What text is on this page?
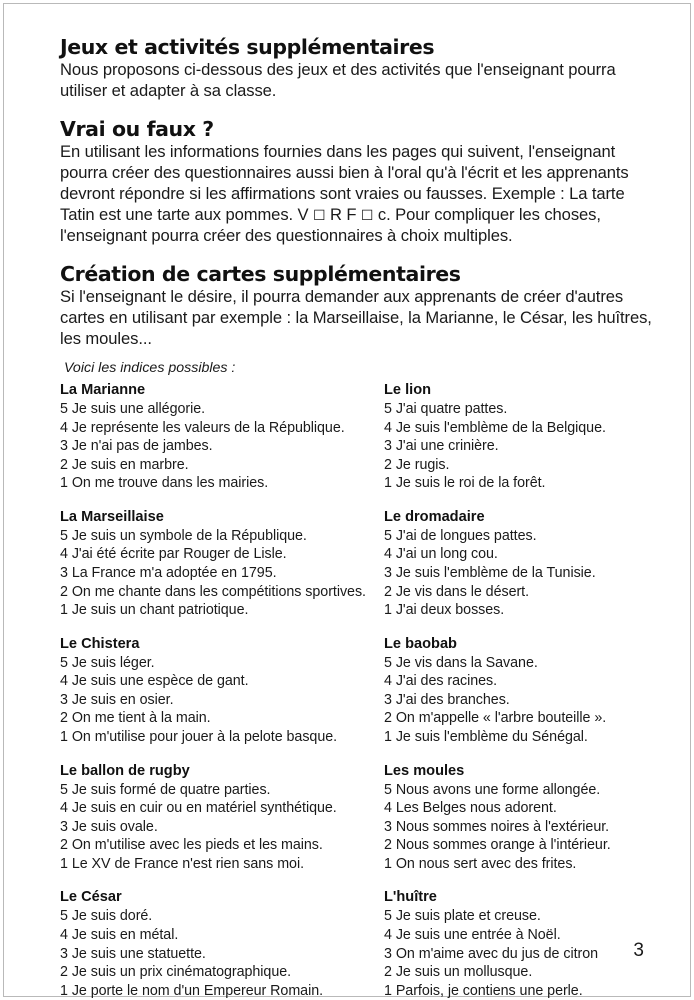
Jeux et activités supplémentaires

Nous proposons ci-dessous des jeux et des activités que l'enseignant pourra utiliser et adapter à sa classe.

Vrai ou faux ?

En utilisant les informations fournies dans les pages qui suivent, l'enseignant pourra créer des questionnaires aussi bien à l'oral qu'à l'écrit et les apprenants devront répondre si les affirmations sont vraies ou fausses. Exemple : La tarte Tatin est une tarte aux pommes. V ☐ R F ☐ c. Pour compliquer les choses, l'enseignant pourra créer des questionnaires à choix multiples.

Création de cartes supplémentaires

Si l'enseignant le désire, il pourra demander aux apprenants de créer d'autres cartes en utilisant par exemple : la Marseillaise, la Marianne, le César, les huîtres, les moules...

Voici les indices possibles :

La Marianne
5 Je suis une allégorie.
4 Je représente les valeurs de la République.
3 Je n'ai pas de jambes.
2 Je suis en marbre.
1 On me trouve dans les mairies.
La Marseillaise
5 Je suis un symbole de la République.
4 J'ai été écrite par Rouger de Lisle.
3 La France m'a adoptée en 1795.
2 On me chante dans les compétitions sportives.
1 Je suis un chant patriotique.
Le Chistera
5 Je suis léger.
4 Je suis une espèce de gant.
3 Je suis en osier.
2 On me tient à la main.
1 On m'utilise pour jouer à la pelote basque.
Le ballon de rugby
5 Je suis formé de quatre parties.
4 Je suis en cuir ou en matériel synthétique.
3 Je suis ovale.
2 On m'utilise avec les pieds et les mains.
1 Le XV de France n'est rien sans moi.
Le César
5 Je suis doré.
4 Je suis en métal.
3 Je suis une statuette.
2 Je suis un prix cinématographique.
1 Je porte le nom d'un Empereur Romain.
Le lion
5 J'ai quatre pattes.
4 Je suis l'emblème de la Belgique.
3 J'ai une crinière.
2 Je rugis.
1 Je suis le roi de la forêt.
Le dromadaire
5 J'ai de longues pattes.
4 J'ai un long cou.
3 Je suis l'emblème de la Tunisie.
2 Je vis dans le désert.
1 J'ai deux bosses.
Le baobab
5 Je vis dans la Savane.
4 J'ai des racines.
3 J'ai des branches.
2 On m'appelle « l'arbre bouteille ».
1 Je suis l'emblème du Sénégal.
Les moules
5 Nous avons une forme allongée.
4 Les Belges nous adorent.
3 Nous sommes noires à l'extérieur.
2 Nous sommes orange à l'intérieur.
1 On nous sert avec des frites.
L'huître
5 Je suis plate et creuse.
4 Je suis une entrée à Noël.
3 On m'aime avec du jus de citron
2 Je suis un mollusque.
1 Parfois, je contiens une perle.
3
